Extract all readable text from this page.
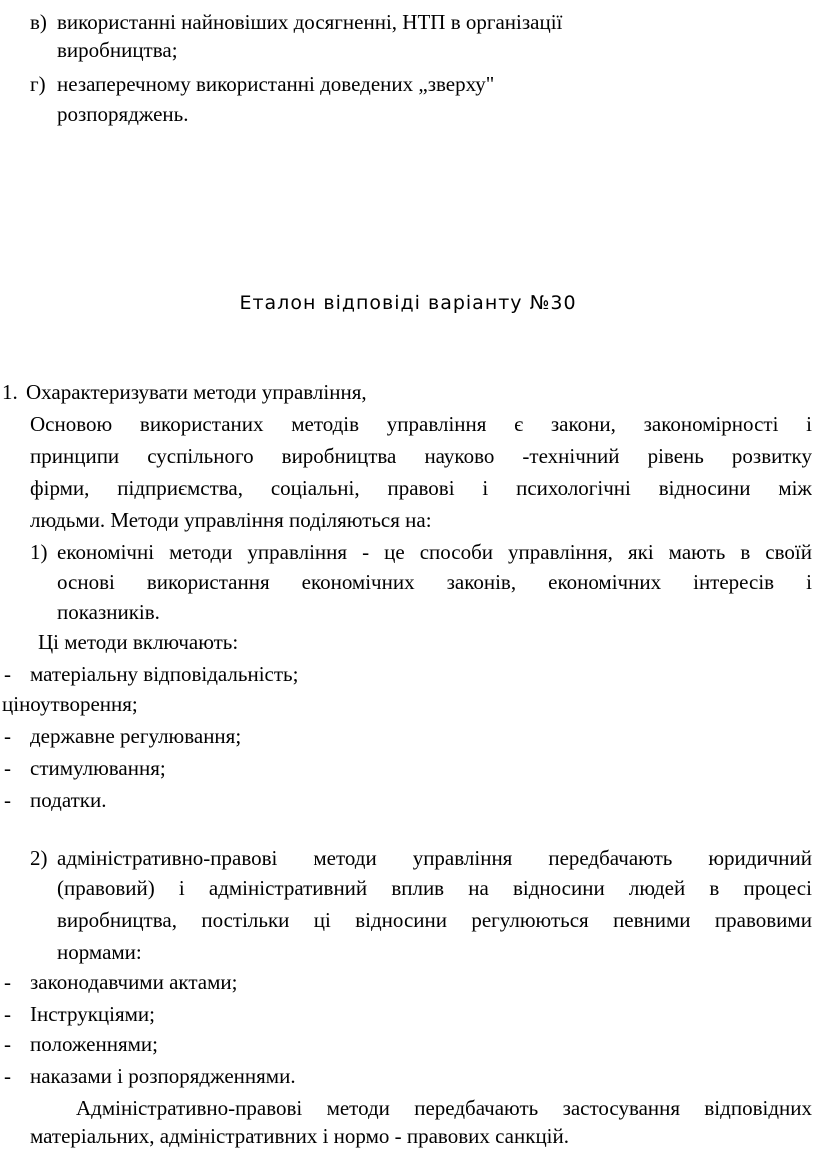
в) використанні найновіших досягненні, НТП в організації
виробництва;
г) незаперечному використанні доведених „зверху"
розпоряджень.
Еталон відповіді варіанту №30
1. Охарактеризувати методи управління,
Основою використаних методів управління є закони, закономірності і
принципи суспільного виробництва науково -технічний рівень розвитку
фірми, підприємства, соціальні, правові і психологічні відносини між
людьми. Методи управління поділяються на:
1) економічні методи управління - це способи управління, які мають в своїй
основі використання економічних законів, економічних інтересів і
показників.
Ці методи включають:
- матеріальну відповідальність;
ціноутворення;
- державне регулювання;
- стимулювання;
- податки.
2) адміністративно-правові методи управління передбачають юридичний
(правовий) і адміністративний вплив на відносини людей в процесі
виробництва, постільки ці відносини регулюються певними правовими
нормами:
- законодавчими актами;
- Інструкціями;
- положеннями;
- наказами і розпорядженнями.
Адміністративно-правові методи передбачають застосування відповідних
матеріальних, адміністративних і нормо - правових санкцій.
